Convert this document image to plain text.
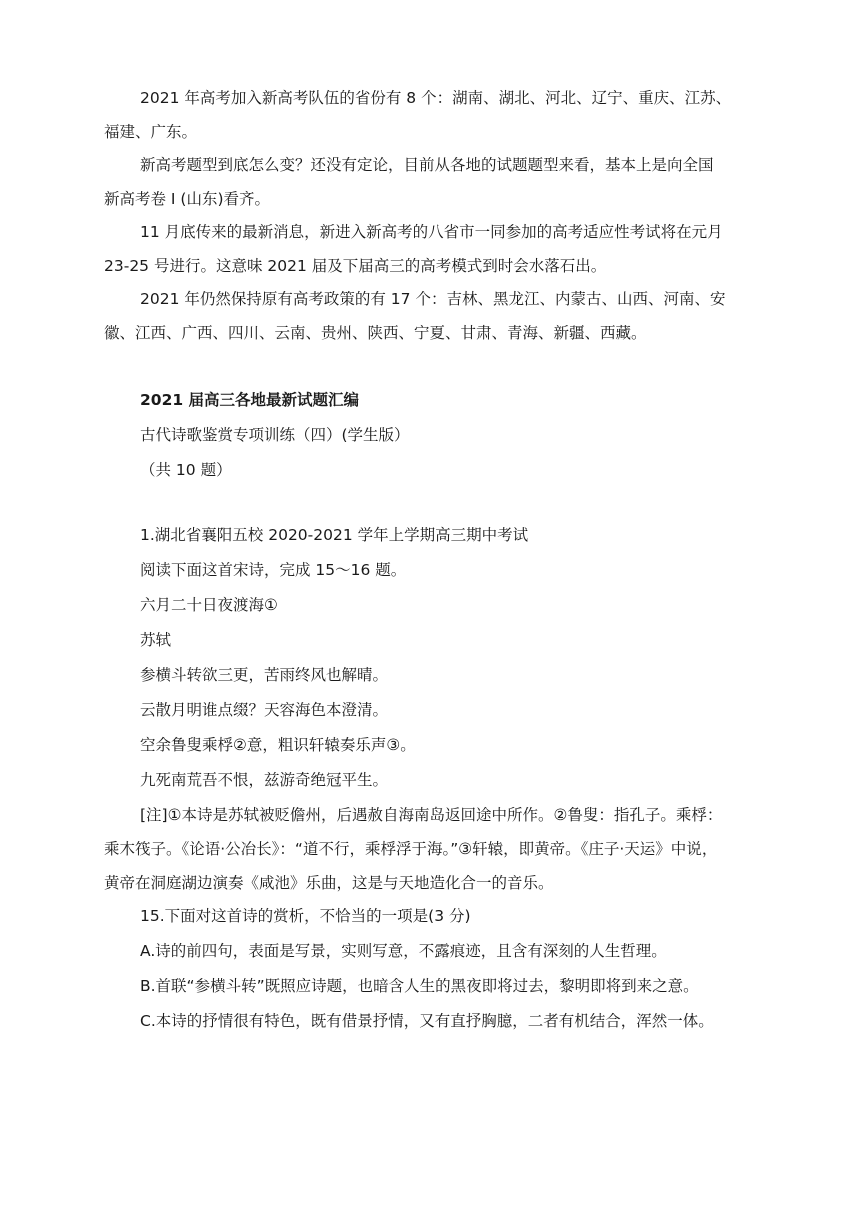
2021 年高考加入新高考队伍的省份有 8 个：湖南、湖北、河北、辽宁、重庆、江苏、
福建、广东。
新高考题型到底怎么变？还没有定论，目前从各地的试题题型来看，基本上是向全国
新高考卷 I (山东)看齐。
11 月底传来的最新消息，新进入新高考的八省市一同参加的高考适应性考试将在元月
23-25 号进行。这意味 2021 届及下届高三的高考模式到时会水落石出。
2021 年仍然保持原有高考政策的有 17 个：吉林、黑龙江、内蒙古、山西、河南、安
徽、江西、广西、四川、云南、贵州、陕西、宁夏、甘肃、青海、新疆、西藏。
2021 届高三各地最新试题汇编
古代诗歌鉴赏专项训练（四）(学生版）
（共 10 题）
1.湖北省襄阳五校 2020-2021 学年上学期高三期中考试
阅读下面这首宋诗，完成 15～16 题。
六月二十日夜渡海①
苏轼
参横斗转欲三更，苦雨终风也解晴。
云散月明谁点缀？天容海色本澄清。
空余鲁叟乘桴②意，粗识轩辕奏乐声③。
九死南荒吾不恨，兹游奇绝冠平生。
[注]①本诗是苏轼被贬儋州，后遇赦自海南岛返回途中所作。②鲁叟：指孔子。乘桴：
乘木筏子。《论语·公冶长》：“道不行，乘桴浮于海。”③轩辕，即黄帝。《庄子·天运》中说，
黄帝在洞庭湖边演奏《咸池》乐曲，这是与天地造化合一的音乐。
15.下面对这首诗的赏析，不恰当的一项是(3 分)
A.诗的前四句，表面是写景，实则写意，不露痕迹，且含有深刻的人生哲理。
B.首联“参横斗转”既照应诗题，也暗含人生的黑夜即将过去，黎明即将到来之意。
C.本诗的抒情很有特色，既有借景抒情，又有直抒胸臆，二者有机结合，浑然一体。
